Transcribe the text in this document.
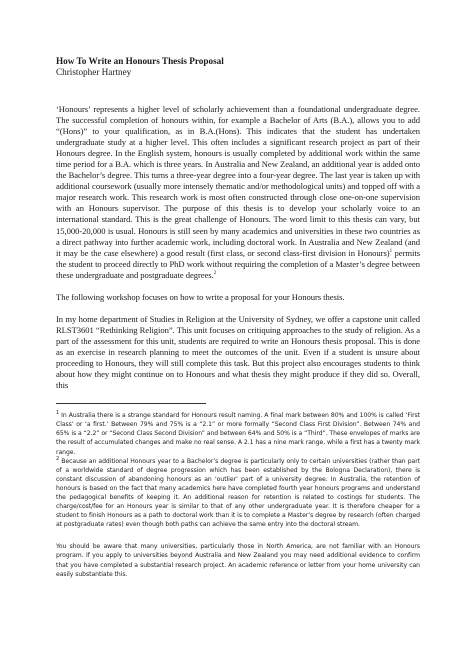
How To Write an Honours Thesis Proposal

Christopher Hartney

‘Honours’ represents a higher level of scholarly achievement than a foundational undergraduate degree. The successful completion of honours within, for example a Bachelor of Arts (B.A.), allows you to add “(Hons)” to your qualification, as in B.A.(Hons). This indicates that the student has undertaken undergraduate study at a higher level. This often includes a significant research project as part of their Honours degree. In the English system, honours is usually completed by additional work within the same time period for a B.A. which is three years. In Australia and New Zealand, an additional year is added onto the Bachelor’s degree. This turns a three-year degree into a four-year degree. The last year is taken up with additional coursework (usually more intensely thematic and/or methodological units) and topped off with a major research work. This research work is most often constructed through close one-on-one supervision with an Honours supervisor. The purpose of this thesis is to develop your scholarly voice to an international standard. This is the great challenge of Honours. The word limit to this thesis can vary, but 15,000-20,000 is usual. Honours is still seen by many academics and universities in these two countries as a direct pathway into further academic work, including doctoral work. In Australia and New Zealand (and it may be the case elsewhere) a good result (first class, or second class-first division in Honours)$^1$ permits the student to proceed directly to PhD work without requiring the completion of a Master’s degree between these undergraduate and postgraduate degrees.$^2$

The following workshop focuses on how to write a proposal for your Honours thesis.

In my home department of Studies in Religion at the University of Sydney, we offer a capstone unit called RLST3601 “Rethinking Religion”. This unit focuses on critiquing approaches to the study of religion. As a part of the assessment for this unit, students are required to write an Honours thesis proposal. This is done as an exercise in research planning to meet the outcomes of the unit. Even if a student is unsure about proceeding to Honours, they will still complete this task. But this project also encourages students to think about how they might continue on to Honours and what thesis they might produce if they did so. Overall, this

$^1$ In Australia there is a strange standard for Honours result naming. A final mark between 80% and 100% is called ‘First Class’ or ‘a first.’ Between 79% and 75% is a “2.1” or more formally “Second Class First Division”. Between 74% and 65% is a “2.2” or “Second Class Second Division” and between 64% and 50% is a “Third”. These envelopes of marks are the result of accumulated changes and make no real sense. A 2.1 has a nine mark range, while a first has a twenty mark range.

$^2$ Because an additional Honours year to a Bachelor’s degree is particularly only to certain universities (rather than part of a worldwide standard of degree progression which has been established by the Bologna Declaration), there is constant discussion of abandoning honours as an ‘outlier’ part of a university degree. In Australia, the retention of honours is based on the fact that many academics here have completed fourth year honours programs and understand the pedagogical benefits of keeping it. An additional reason for retention is related to costings for students. The charge/cost/fee for an Honours year is similar to that of any other undergraduate year. It is therefore cheaper for a student to finish Honours as a path to doctoral work than it is to complete a Master’s degree by research (often charged at postgraduate rates) even though both paths can achieve the same entry into the doctoral stream.

You should be aware that many universities, particularly those in North America, are not familiar with an Honours program. If you apply to universities beyond Australia and New Zealand you may need additional evidence to confirm that you have completed a substantial research project. An academic reference or letter from your home university can easily substantiate this.
